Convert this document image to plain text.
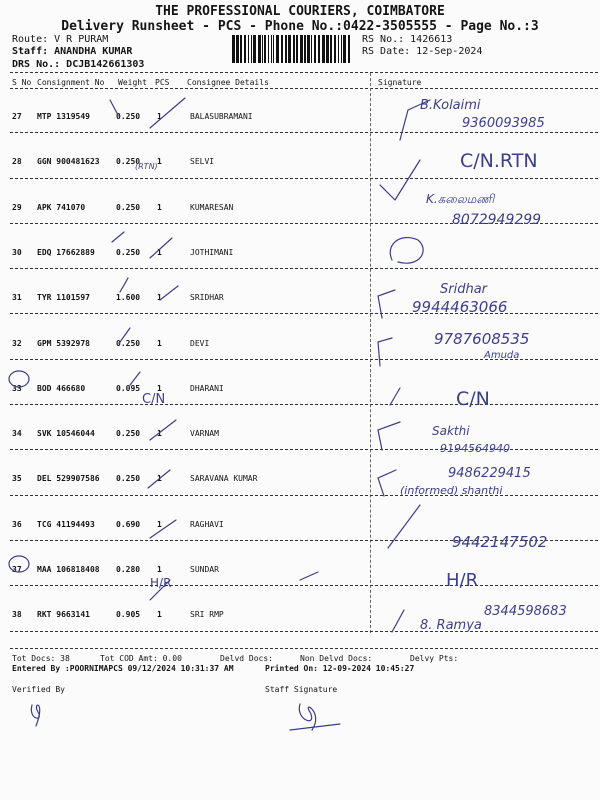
THE PROFESSIONAL COURIERS, COIMBATORE
Delivery Runsheet - PCS - Phone No.:0422-3505555 - Page No.:3
Route: V R PURAM
Staff: ANANDHA KUMAR
DRS No.: DCJB142661303
RS No.: 1426613
RS Date: 12-Sep-2024
S No Consignment No Weight PCS Consignee Details	Signature
27 MTP 1319549	0.250 1	BALASUBRAMANI
28 GGN 900481623 0.250 1	SELVI
29 APK 741070	0.250 1	KUMARESAN
30 EDQ 17662889	0.250 1	JOTHIMANI
31 TYR 1101597	1.600 1	SRIDHAR
32 GPM 5392978	0.250 1	DEVI
33 BOD 466680	0.095 1	DHARANI
34 SVK 10546044	0.250 1	VARNAM
35 DEL 529907586 0.250 1	SARAVANA KUMAR
36 TCG 41194493	0.690 1	RAGHAVI
37 MAA 106818408 0.280 1	SUNDAR
38 RKT 9663141	0.905 1	SRI RMP
B.Kolaimi
9360093985
C/N.RTN
(RTN)
K.கலைமணி
8072949299
Sridhar
9944463066
9787608535
Amuda
C/N	C/N
Sakthi
9194564940
9486229415
(informed) shanthi
9442147502
H/R	H/R
8. Ramya
8344598683
Tot Docs: 38	Tot COD Amt: 0.00	Delvd Docs:	Non Delvd Docs:	Delvy Pts:
Entered By :POORNIMAPCS 09/12/2024 10:31:37 AM	Printed On: 12-09-2024 10:45:27
Verified By	Staff Signature
